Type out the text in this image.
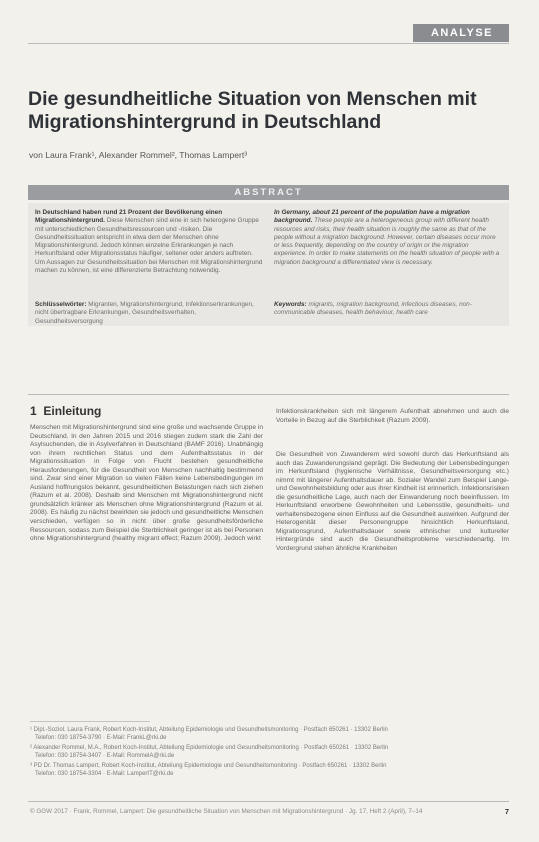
ANALYSE
Die gesundheitliche Situation von Menschen mit Migrationshintergrund in Deutschland
von Laura Frank¹, Alexander Rommel², Thomas Lampert³
ABSTRACT
In Deutschland haben rund 21 Prozent der Bevölkerung einen Migrationshintergrund. Diese Menschen sind eine in sich heterogene Gruppe mit unterschiedlichen Gesundheitsressourcen und -risiken. Die Gesundheitssituation entspricht in etwa dem der Menschen ohne Migrationshintergrund. Jedoch können einzelne Erkrankungen je nach Herkunftsland oder Migrationsstatus häufiger, seltener oder anders auftreten. Um Aussagen zur Gesundheitssituation bei Menschen mit Migrationshintergrund machen zu können, ist eine differenzierte Betrachtung notwendig.
In Germany, about 21 percent of the population have a migration background. These people are a heterogeneous group with different health resources and risks, their health situation is roughly the same as that of the people without a migration background. However, certain diseases occur more or less frequently, depending on the country of origin or the migration experience. In order to make statements on the health situation of people with a migration background a differentiated view is necessary.
Schlüsselwörter: Migranten, Migrationshintergrund, Infektionserkrankungen, nicht übertragbare Erkrankungen, Gesundheitsverhalten, Gesundheitsversorgung
Keywords: migrants, migration background, infectious diseases, non-communicable diseases, health behaviour, health care
1 Einleitung
Menschen mit Migrationshintergrund sind eine große und wachsende Gruppe in Deutschland. In den Jahren 2015 und 2016 stiegen zudem stark die Zahl der Asylsuchenden, die in Asylverfahren in Deutschland (BAMF 2016). Unabhängig von ihrem rechtlichen Status und dem Aufenthaltsstatus in der Migrationssituation in Folge von Flucht bestehen gesundheitliche Herausforderungen, für die Gesundheit von Menschen nachhaltig bestimmend sind. Zwar sind einer Migration so vielen Fällen keine Lebensbedingungen im Ausland hoffnungslos bekannt, gesundheitlichen Belastungen nach sich ziehen (Razum et al. 2008). Deshalb sind Menschen mit Migrationshintergrund nicht grundsätzlich kränker als Menschen ohne Migrationshintergrund (Razum et al. 2008). Es häufig zu nächst bewirkten sie jedoch und gesundheitliche Menschen verschieden, verfügen so in nicht über große gesundheitsförderliche Ressourcen, sodass zum Beispiel die Sterblichkeit geringer ist als bei Personen ohne Migrationshintergrund (healthy migrant effect; Razum 2009). Jedoch wirkt
Infektionskrankheiten sich mit längerem Aufenthalt abnehmen und auch die Vorteile in Bezug auf die Sterblichkeit (Razum 2009).
Die Gesundheit von Zuwanderern wird sowohl durch das Herkunftsland als auch das Zuwanderungsland geprägt. Die Bedeutung der Lebensbedingungen im Herkunftsland (hygienische Verhältnisse, Gesundheitsversorgung etc.) nimmt mit längerer Aufenthaltsdauer ab. Sozialer Wandel zum Beispiel Lange- und Gewohnheitsbildung oder aus ihrer Kindheit ist erinnerlich. Infektionsrisiken die gesundheitliche Lage, auch nach der Einwanderung noch beeinflussen. Im Herkunftsland erworbene Gewohnheiten und Lebensstile, gesundheits- und verhaltensbezogene einen Einfluss auf die Gesundheit auswirken. Aufgrund der Heterogenität dieser Personengruppe hinsichtlich Herkunftsland, Migrationsgrund, Aufenthaltsdauer sowie ethnischer und kultureller Hintergründe sind auch die Gesundheitsprobleme verschiedenartig. Im Vordergrund stehen ähnliche Krankheiten
¹ Dipl.-Soziol. Laura Frank, Robert Koch-Institut, Abteilung Epidemiologie und Gesundheitsmonitoring · Postfach 650261 · 13302 Berlin
Telefon: 030 18754-3790 · E-Mail: FrankL@rki.de
² Alexander Rommel, M.A., Robert Koch-Institut, Abteilung Epidemiologie und Gesundheitsmonitoring · Postfach 650261 · 13302 Berlin
Telefon: 030 18754-3407 · E-Mail: RommelA@rki.de
³ PD Dr. Thomas Lampert, Robert Koch-Institut, Abteilung Epidemiologie und Gesundheitsmonitoring · Postfach 650261 · 13302 Berlin
Telefon: 030 18754-3304 · E-Mail: LampertT@rki.de
© GGW 2017 · Frank, Rommel, Lampert: Die gesundheitliche Situation von Menschen mit Migrationshintergrund · Jg. 17, Heft 2 (April), 7–14	7
